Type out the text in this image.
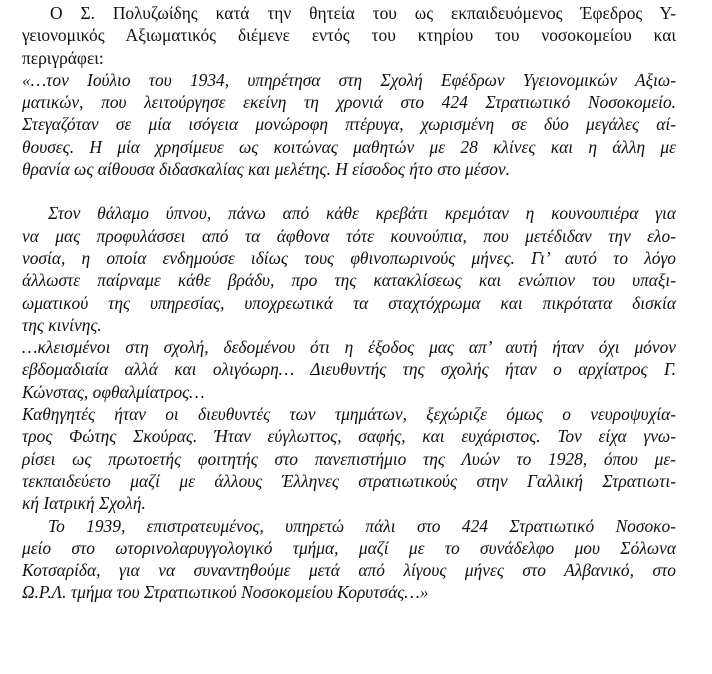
Ο Σ. Πολυζωίδης κατά την θητεία του ως εκπαιδευόμενος Έφεδρος Υ-
γειονομικός Αξιωματικός διέμενε εντός του κτηρίου του νοσοκομείου και
περιγράφει:
«…τον Ιούλιο του 1934, υπηρέτησα στη Σχολή Εφέδρων Υγειονομικών Αξιω-
ματικών, που λειτούργησε εκείνη τη χρονιά στο 424 Στρατιωτικό Νοσοκομείο.
Στεγαζόταν σε μία ισόγεια μονώροφη πτέρυγα, χωρισμένη σε δύο μεγάλες αί-
θουσες. Η μία χρησίμευε ως κοιτώνας μαθητών με 28 κλίνες και η άλλη με
θρανία ως αίθουσα διδασκαλίας και μελέτης. Η είσοδος ήτο στο μέσον.
Στον θάλαμο ύπνου, πάνω από κάθε κρεβάτι κρεμόταν η κουνουπιέρα για
να μας προφυλάσσει από τα άφθονα τότε κουνούπια, που μετέδιδαν την ελο-
νοσία, η οποία ενδημούσε ιδίως τους φθινοπωρινούς μήνες. Γι’ αυτό το λόγο
άλλωστε παίρναμε κάθε βράδυ, προ της κατακλίσεως και ενώπιον του υπαξι-
ωματικού της υπηρεσίας, υποχρεωτικά τα σταχτόχρωμα και πικρότατα δισκία
της κινίνης.
…κλεισμένοι στη σχολή, δεδομένου ότι η έξοδος μας απ’ αυτή ήταν όχι μόνον
εβδομαδιαία αλλά και ολιγόωρη… Διευθυντής της σχολής ήταν ο αρχίατρος Γ.
Κώνστας, οφθαλμίατρος…
Καθηγητές ήταν οι διευθυντές των τμημάτων, ξεχώριζε όμως ο νευροψυχία-
τρος Φώτης Σκούρας. Ήταν εύγλωττος, σαφής, και ευχάριστος. Τον είχα γνω-
ρίσει ως πρωτοετής φοιτητής στο πανεπιστήμιο της Λυών το 1928, όπου με-
τεκπαιδεύετο μαζί με άλλους Έλληνες στρατιωτικούς στην Γαλλική Στρατιωτι-
κή Ιατρική Σχολή.
Το 1939, επιστρατευμένος, υπηρετώ πάλι στο 424 Στρατιωτικό Νοσοκο-
μείο στο ωτορινολαρυγγολογικό τμήμα, μαζί με το συνάδελφο μου Σόλωνα
Κοτσαρίδα, για να συναντηθούμε μετά από λίγους μήνες στο Αλβανικό, στο
Ω.Ρ.Λ. τμήμα του Στρατιωτικού Νοσοκομείου Κορυτσάς…»
